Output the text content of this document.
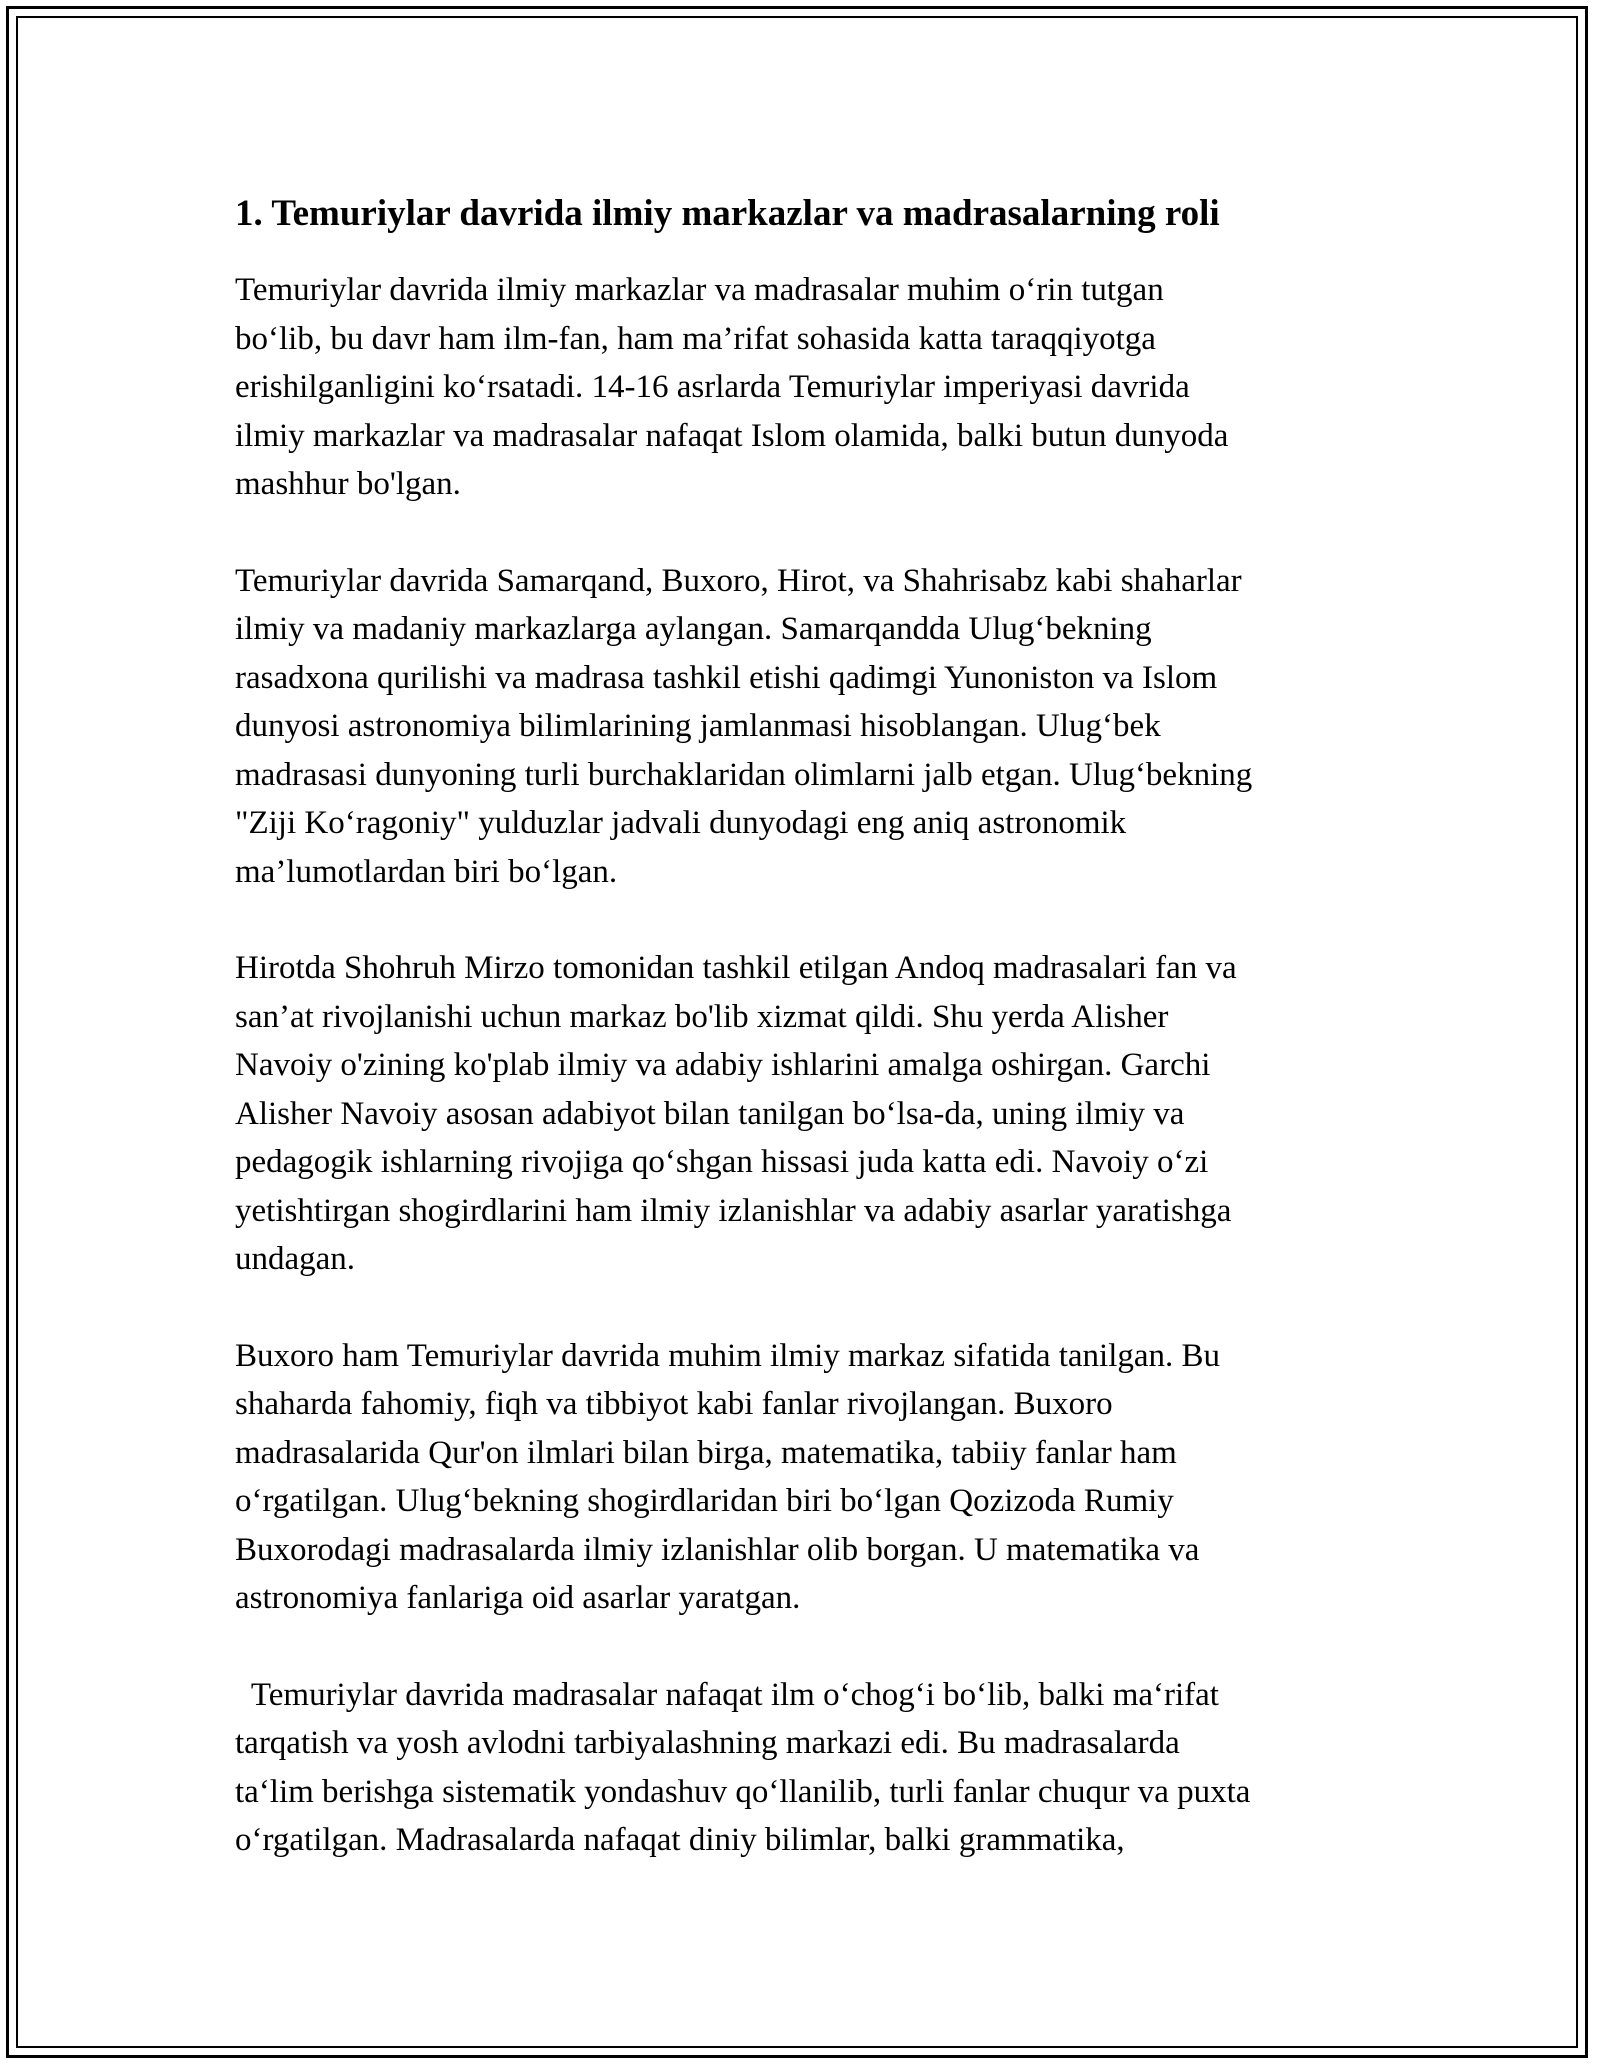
1. Temuriylar davrida ilmiy markazlar va madrasalarning roli

Temuriylar davrida ilmiy markazlar va madrasalar muhim o‘rin tutgan
bo‘lib, bu davr ham ilm-fan, ham ma’rifat sohasida katta taraqqiyotga
erishilganligini ko‘rsatadi. 14-16 asrlarda Temuriylar imperiyasi davrida
ilmiy markazlar va madrasalar nafaqat Islom olamida, balki butun dunyoda
mashhur bo'lgan.

Temuriylar davrida Samarqand, Buxoro, Hirot, va Shahrisabz kabi shaharlar
ilmiy va madaniy markazlarga aylangan. Samarqandda Ulug‘bekning
rasadxona qurilishi va madrasa tashkil etishi qadimgi Yunoniston va Islom
dunyosi astronomiya bilimlarining jamlanmasi hisoblangan. Ulug‘bek
madrasasi dunyoning turli burchaklaridan olimlarni jalb etgan. Ulug‘bekning
"Ziji Ko‘ragoniy" yulduzlar jadvali dunyodagi eng aniq astronomik
ma’lumotlardan biri bo‘lgan.

Hirotda Shohruh Mirzo tomonidan tashkil etilgan Andoq madrasalari fan va
san’at rivojlanishi uchun markaz bo'lib xizmat qildi. Shu yerda Alisher
Navoiy o'zining ko'plab ilmiy va adabiy ishlarini amalga oshirgan. Garchi
Alisher Navoiy asosan adabiyot bilan tanilgan bo‘lsa-da, uning ilmiy va
pedagogik ishlarning rivojiga qo‘shgan hissasi juda katta edi. Navoiy o‘zi
yetishtirgan shogirdlarini ham ilmiy izlanishlar va adabiy asarlar yaratishga
undagan.

Buxoro ham Temuriylar davrida muhim ilmiy markaz sifatida tanilgan. Bu
shaharda fahomiy, fiqh va tibbiyot kabi fanlar rivojlangan. Buxoro
madrasalarida Qur'on ilmlari bilan birga, matematika, tabiiy fanlar ham
o‘rgatilgan. Ulug‘bekning shogirdlaridan biri bo‘lgan Qozizoda Rumiy
Buxorodagi madrasalarda ilmiy izlanishlar olib borgan. U matematika va
astronomiya fanlariga oid asarlar yaratgan.

Temuriylar davrida madrasalar nafaqat ilm o‘chog‘i bo‘lib, balki ma‘rifat
tarqatish va yosh avlodni tarbiyalashning markazi edi. Bu madrasalarda
ta‘lim berishga sistematik yondashuv qo‘llanilib, turli fanlar chuqur va puxta
o‘rgatilgan. Madrasalarda nafaqat diniy bilimlar, balki grammatika,
